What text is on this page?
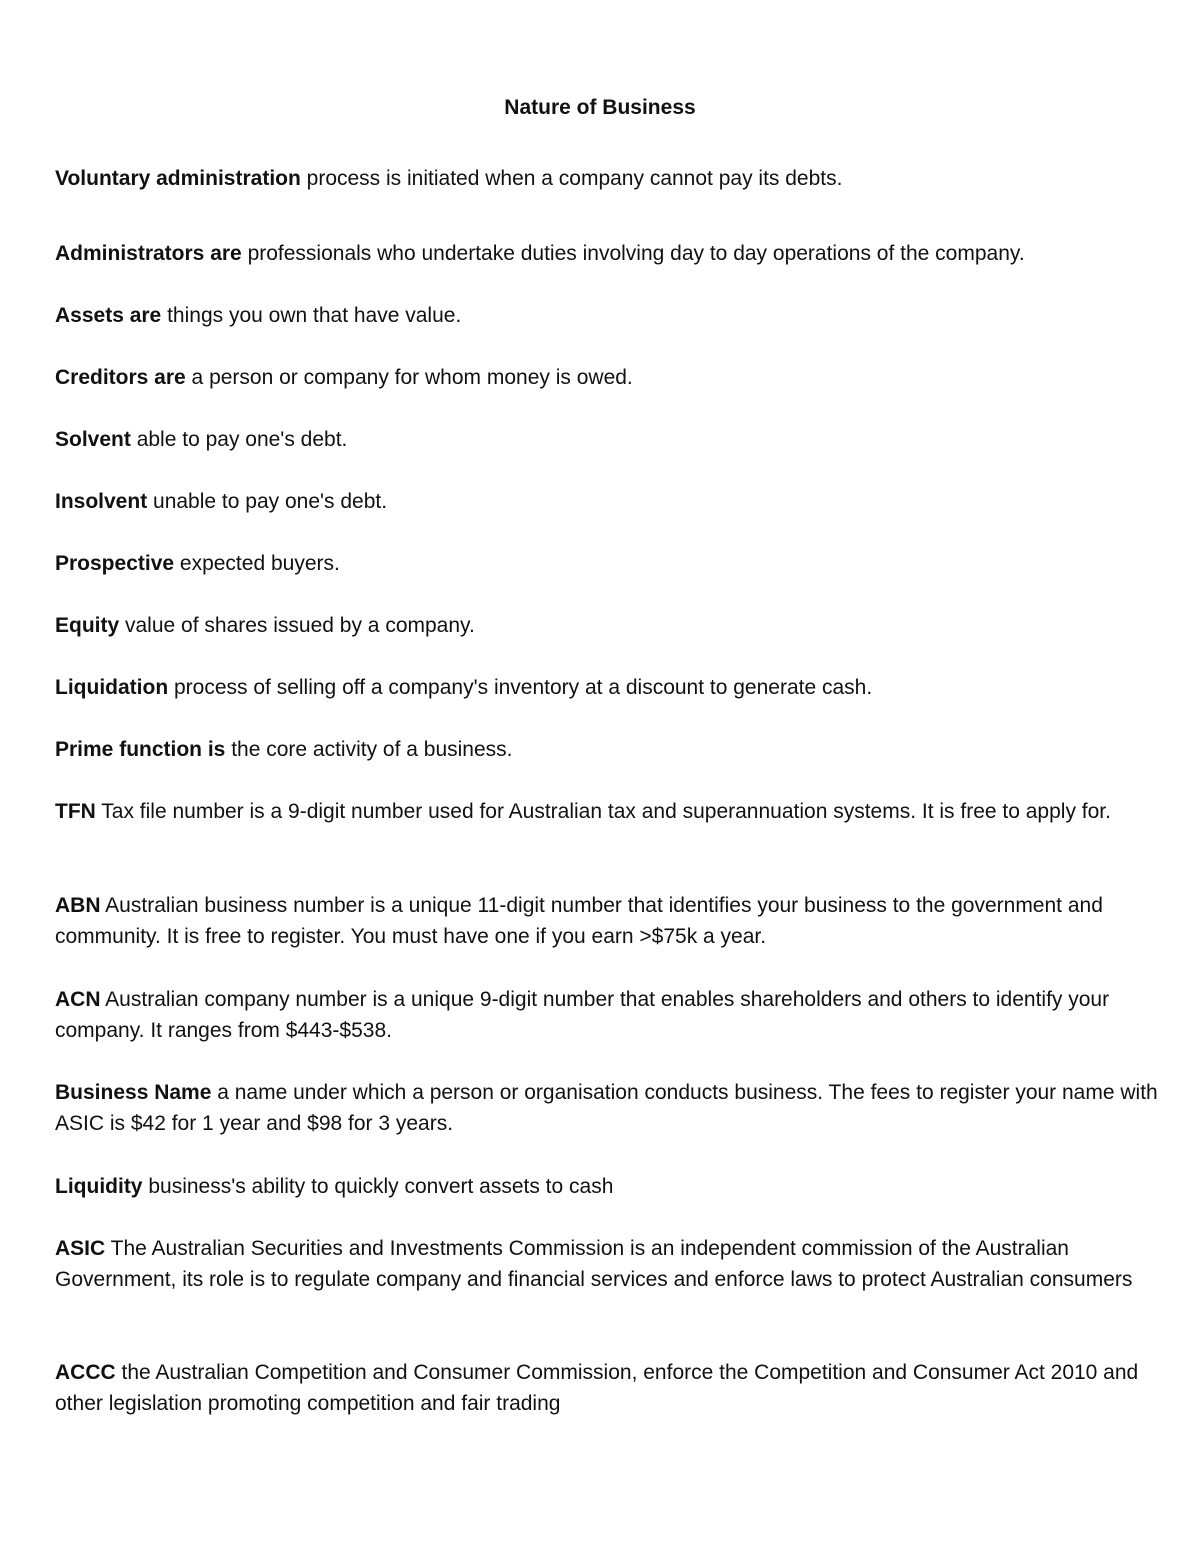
Nature of Business

Voluntary administration process is initiated when a company cannot pay its debts.

Administrators are professionals who undertake duties involving day to day operations of the company.

Assets are things you own that have value.

Creditors are a person or company for whom money is owed.

Solvent able to pay one's debt.

Insolvent unable to pay one's debt.

Prospective expected buyers.

Equity value of shares issued by a company.

Liquidation process of selling off a company's inventory at a discount to generate cash.

Prime function is the core activity of a business.

TFN Tax file number is a 9-digit number used for Australian tax and superannuation systems. It is free to apply for.

ABN Australian business number is a unique 11-digit number that identifies your business to the government and community. It is free to register. You must have one if you earn >$75k a year.

ACN Australian company number is a unique 9-digit number that enables shareholders and others to identify your company. It ranges from $443-$538.

Business Name a name under which a person or organisation conducts business. The fees to register your name with ASIC is $42 for 1 year and $98 for 3 years.

Liquidity business's ability to quickly convert assets to cash

ASIC The Australian Securities and Investments Commission is an independent commission of the Australian Government, its role is to regulate company and financial services and enforce laws to protect Australian consumers

ACCC the Australian Competition and Consumer Commission, enforce the Competition and Consumer Act 2010 and other legislation promoting competition and fair trading
